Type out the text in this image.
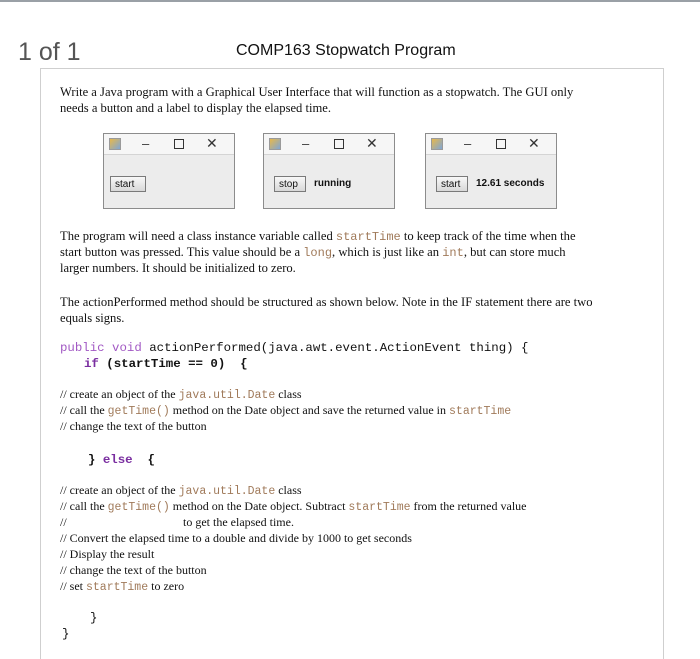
1 of 1	COMP163 Stopwatch Program

Write a Java program with a Graphical User Interface that will function as a stopwatch. The GUI only

needs a button and a label to display the elapsed time.

–	✕
start
–	✕
stop	running
–	✕
start	12.61 seconds

The program will need a class instance variable called startTime to keep track of the time when the

start button was pressed. This value should be a long, which is just like an int, but can store much

larger numbers. It should be initialized to zero.

The actionPerformed method should be structured as shown below. Note in the IF statement there are two

equals signs.

public void actionPerformed(java.awt.event.ActionEvent thing) {
if (startTime == 0)  {
// create an object of the java.util.Date class
// call the getTime() method on the Date object and save the returned value in startTime
// change the text of the button
} else  {
// create an object of the java.util.Date class
// call the getTime() method on the Date object. Subtract startTime from the returned value
//	to get the elapsed time.
// Convert the elapsed time to a double and divide by 1000 to get seconds
// Display the result
// change the text of the button
// set startTime to zero
}
}
